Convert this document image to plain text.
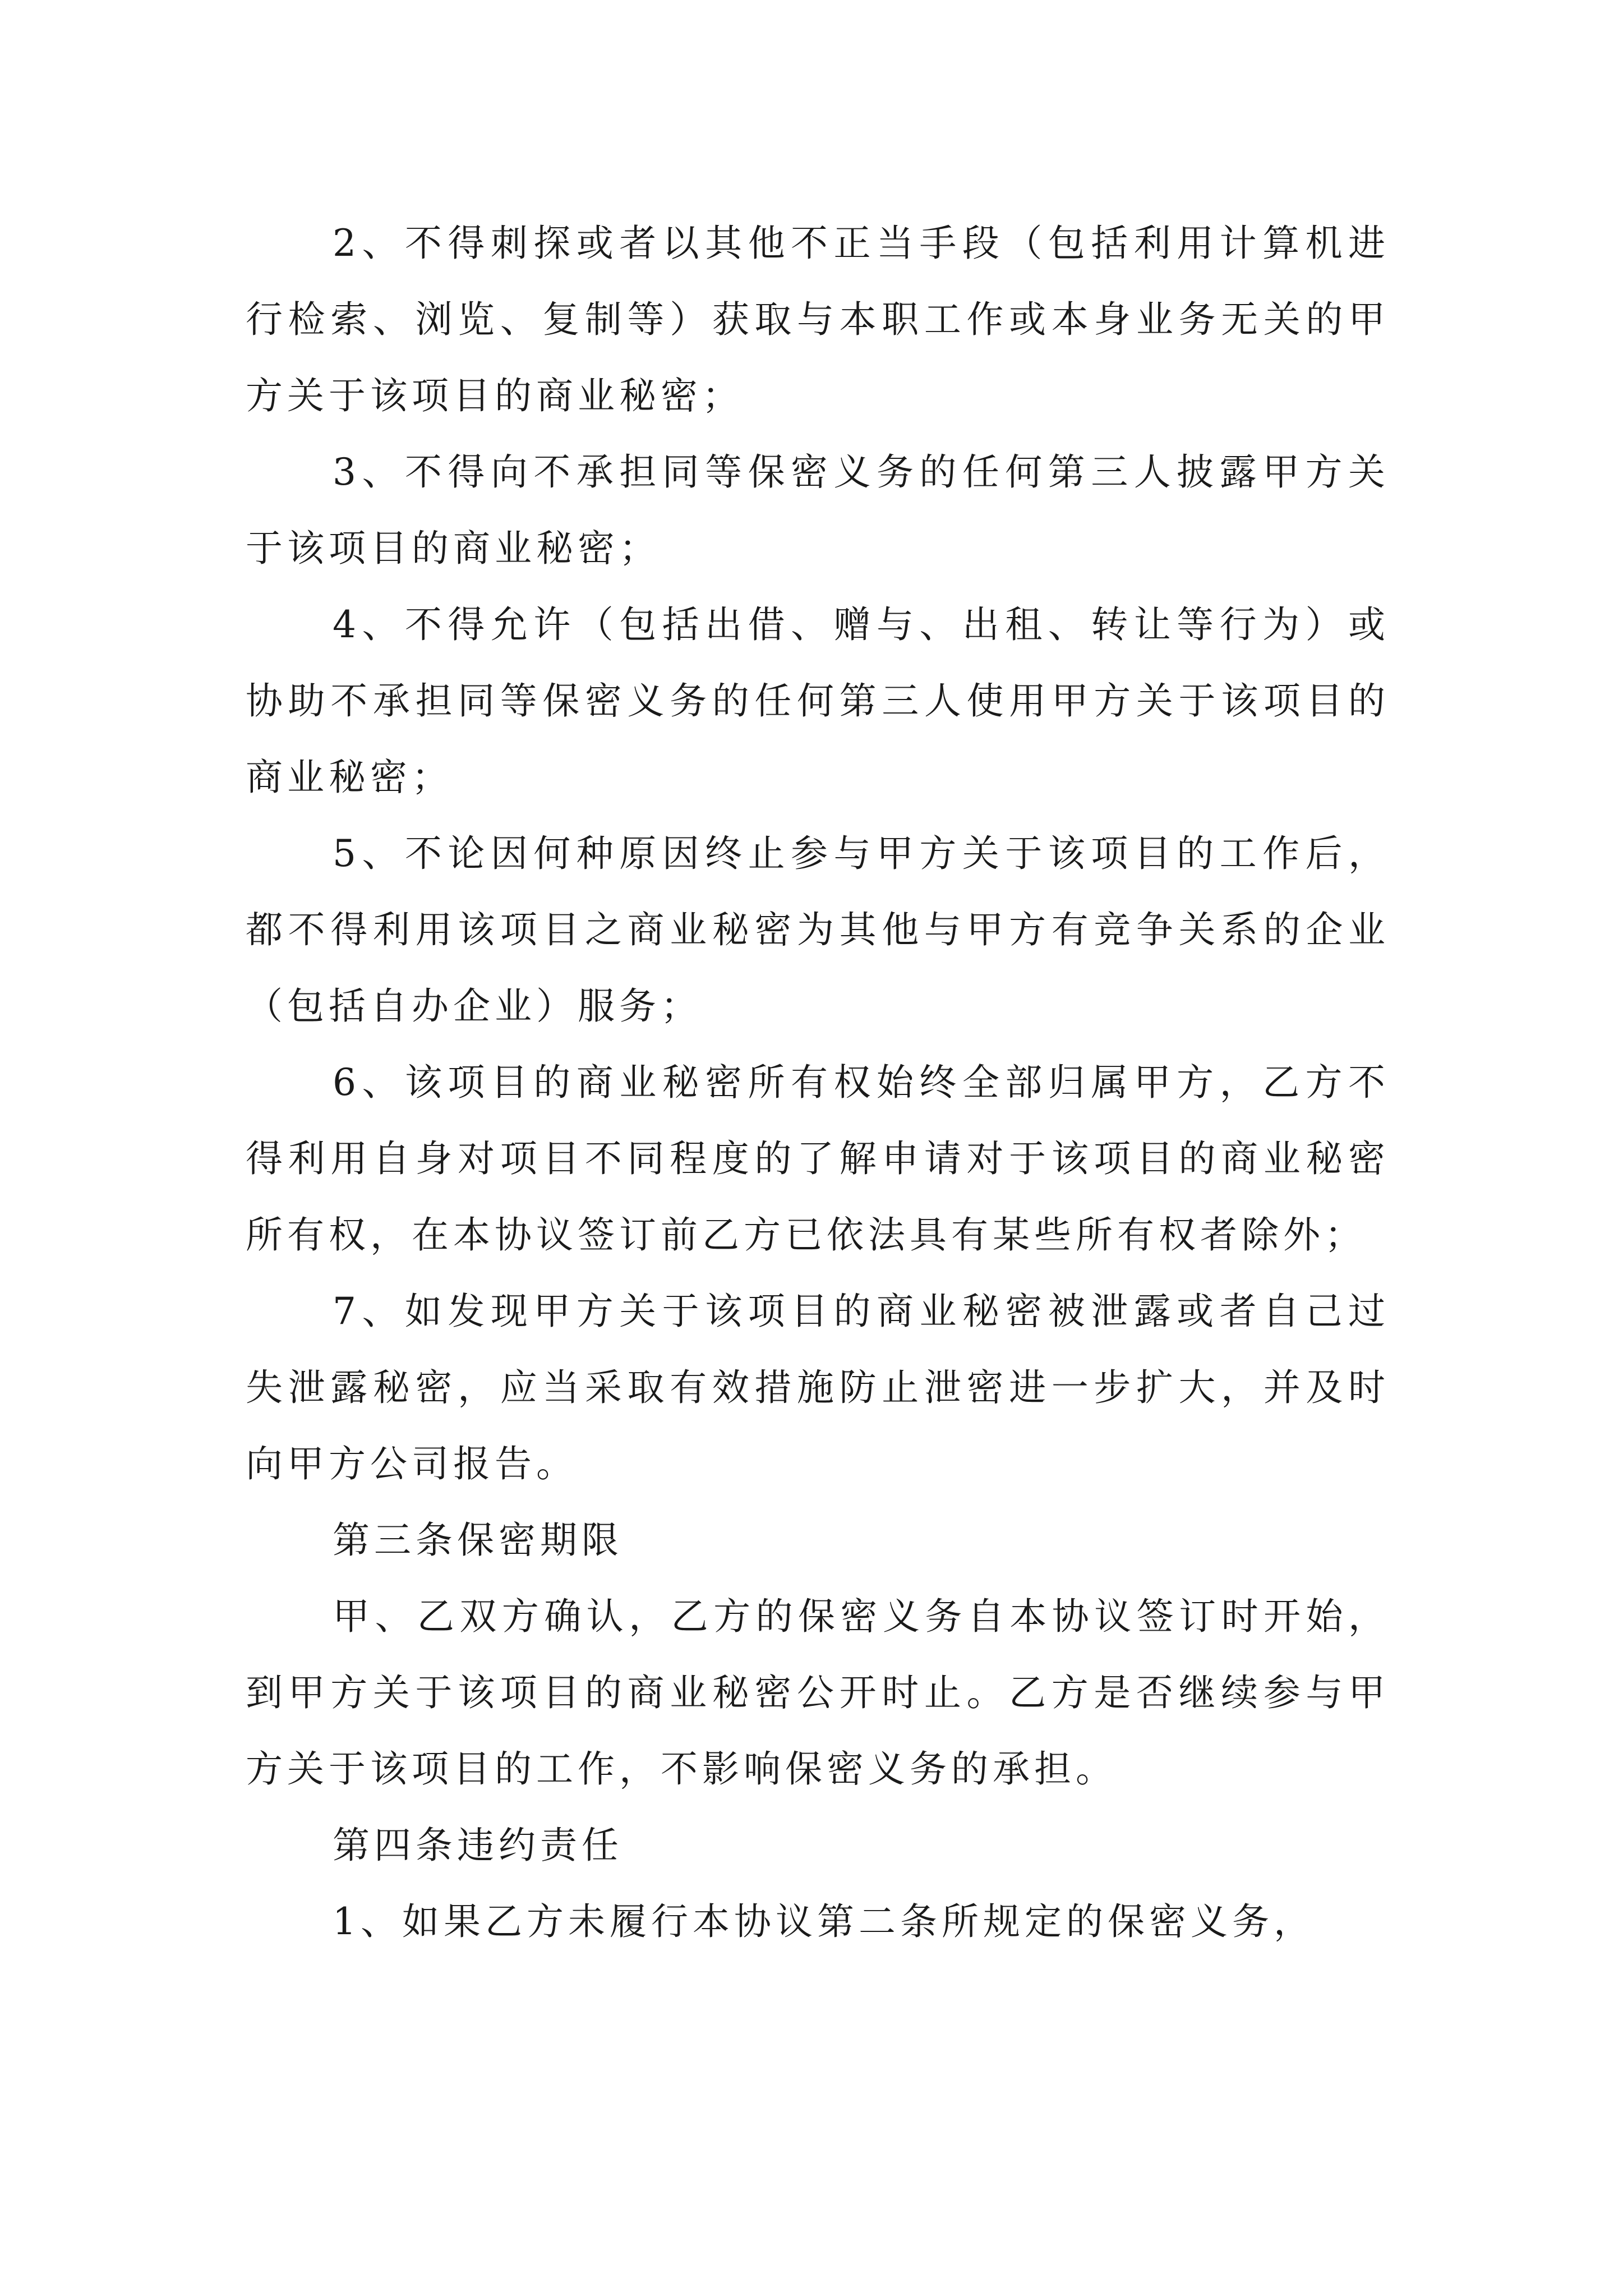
2、不得刺探或者以其他不正当手段（包括利用计算机进行检索、浏览、复制等）获取与本职工作或本身业务无关的甲方关于该项目的商业秘密；

3、不得向不承担同等保密义务的任何第三人披露甲方关于该项目的商业秘密；

4、不得允许（包括出借、赠与、出租、转让等行为）或协助不承担同等保密义务的任何第三人使用甲方关于该项目的商业秘密；

5、不论因何种原因终止参与甲方关于该项目的工作后，都不得利用该项目之商业秘密为其他与甲方有竞争关系的企业（包括自办企业）服务；

6、该项目的商业秘密所有权始终全部归属甲方，乙方不得利用自身对项目不同程度的了解申请对于该项目的商业秘密所有权，在本协议签订前乙方已依法具有某些所有权者除外；

7、如发现甲方关于该项目的商业秘密被泄露或者自己过失泄露秘密，应当采取有效措施防止泄密进一步扩大，并及时向甲方公司报告。

第三条保密期限

甲、乙双方确认，乙方的保密义务自本协议签订时开始，到甲方关于该项目的商业秘密公开时止。乙方是否继续参与甲方关于该项目的工作，不影响保密义务的承担。

第四条违约责任

1、如果乙方未履行本协议第二条所规定的保密义务，
